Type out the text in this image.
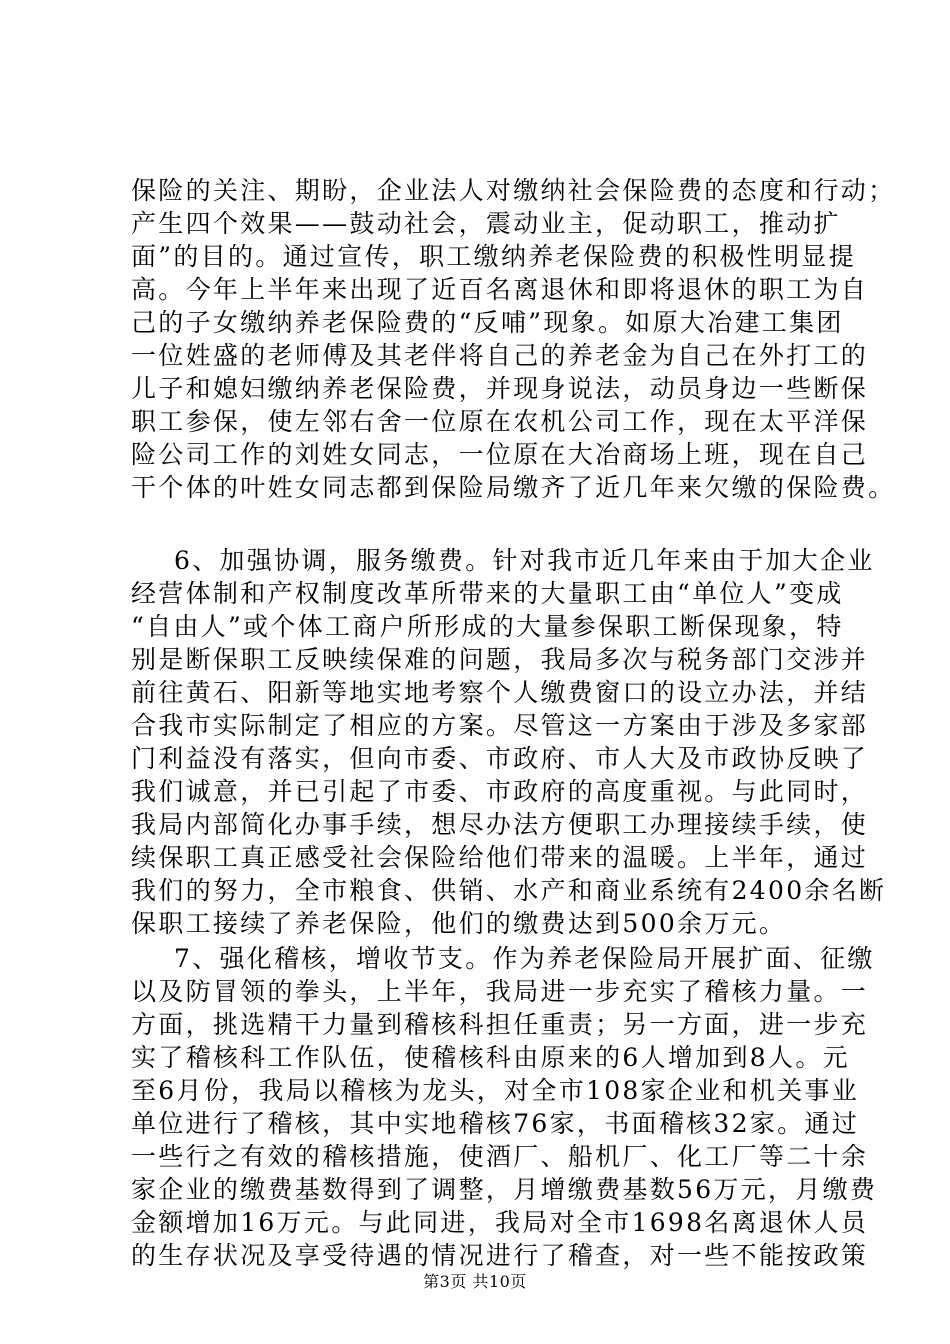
保险的关注、期盼，企业法人对缴纳社会保险费的态度和行动；
产生四个效果——鼓动社会，震动业主，促动职工，推动扩
面”的目的。通过宣传，职工缴纳养老保险费的积极性明显提
高。今年上半年来出现了近百名离退休和即将退休的职工为自
己的子女缴纳养老保险费的“反哺”现象。如原大冶建工集团
一位姓盛的老师傅及其老伴将自己的养老金为自己在外打工的
儿子和媳妇缴纳养老保险费，并现身说法，动员身边一些断保
职工参保，使左邻右舍一位原在农机公司工作，现在太平洋保
险公司工作的刘姓女同志，一位原在大冶商场上班，现在自己
干个体的叶姓女同志都到保险局缴齐了近几年来欠缴的保险费。
6、加强协调，服务缴费。针对我市近几年来由于加大企业
经营体制和产权制度改革所带来的大量职工由“单位人”变成
“自由人”或个体工商户所形成的大量参保职工断保现象，特
别是断保职工反映续保难的问题，我局多次与税务部门交涉并
前往黄石、阳新等地实地考察个人缴费窗口的设立办法，并结
合我市实际制定了相应的方案。尽管这一方案由于涉及多家部
门利益没有落实，但向市委、市政府、市人大及市政协反映了
我们诚意，并已引起了市委、市政府的高度重视。与此同时，
我局内部简化办事手续，想尽办法方便职工办理接续手续，使
续保职工真正感受社会保险给他们带来的温暖。上半年，通过
我们的努力，全市粮食、供销、水产和商业系统有2400余名断
保职工接续了养老保险，他们的缴费达到500余万元。
7、强化稽核，增收节支。作为养老保险局开展扩面、征缴
以及防冒领的拳头，上半年，我局进一步充实了稽核力量。一
方面，挑选精干力量到稽核科担任重责；另一方面，进一步充
实了稽核科工作队伍，使稽核科由原来的6人增加到8人。元
至6月份，我局以稽核为龙头，对全市108家企业和机关事业
单位进行了稽核，其中实地稽核76家，书面稽核32家。通过
一些行之有效的稽核措施，使酒厂、船机厂、化工厂等二十余
家企业的缴费基数得到了调整，月增缴费基数56万元，月缴费
金额增加16万元。与此同进，我局对全市1698名离退休人员
的生存状况及享受待遇的情况进行了稽查，对一些不能按政策
第3页 共10页
